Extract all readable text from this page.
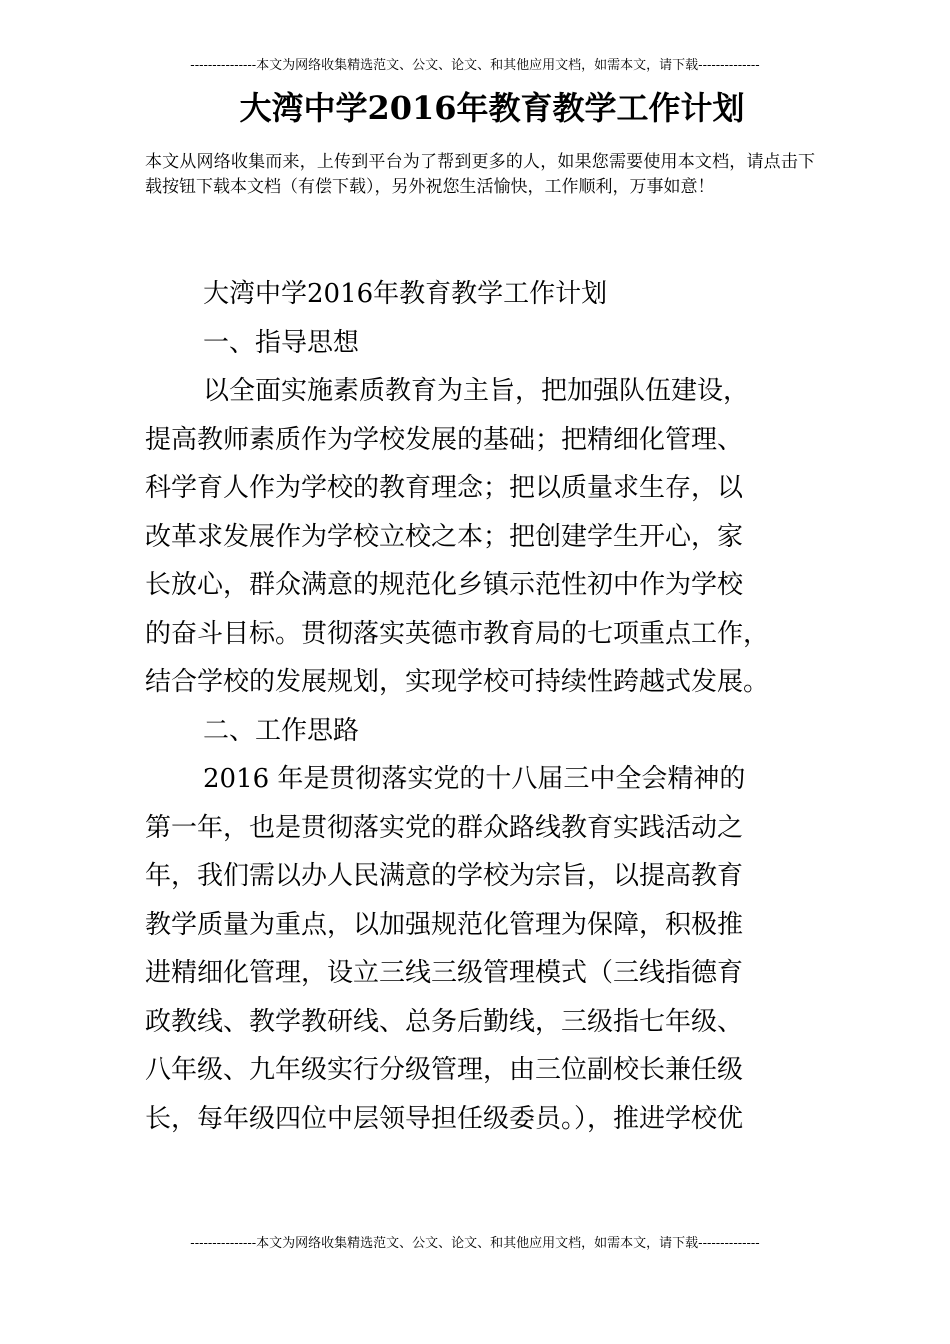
---------------本文为网络收集精选范文、公文、论文、和其他应用文档，如需本文，请下载--------------
大湾中学2016年教育教学工作计划
本文从网络收集而来，上传到平台为了帮到更多的人，如果您需要使用本文档，请点击下载按钮下载本文档（有偿下载），另外祝您生活愉快，工作顺利，万事如意！
大湾中学2016年教育教学工作计划
一、指导思想
以全面实施素质教育为主旨，把加强队伍建设，
提高教师素质作为学校发展的基础；把精细化管理、
科学育人作为学校的教育理念；把以质量求生存，以
改革求发展作为学校立校之本；把创建学生开心，家
长放心，群众满意的规范化乡镇示范性初中作为学校
的奋斗目标。贯彻落实英德市教育局的七项重点工作，
结合学校的发展规划，实现学校可持续性跨越式发展。
二、工作思路
2016 年是贯彻落实党的十八届三中全会精神的
第一年，也是贯彻落实党的群众路线教育实践活动之
年，我们需以办人民满意的学校为宗旨，以提高教育
教学质量为重点，以加强规范化管理为保障，积极推
进精细化管理，设立三线三级管理模式（三线指德育
政教线、教学教研线、总务后勤线，三级指七年级、
八年级、九年级实行分级管理，由三位副校长兼任级
长，每年级四位中层领导担任级委员。），推进学校优
---------------本文为网络收集精选范文、公文、论文、和其他应用文档，如需本文，请下载--------------
